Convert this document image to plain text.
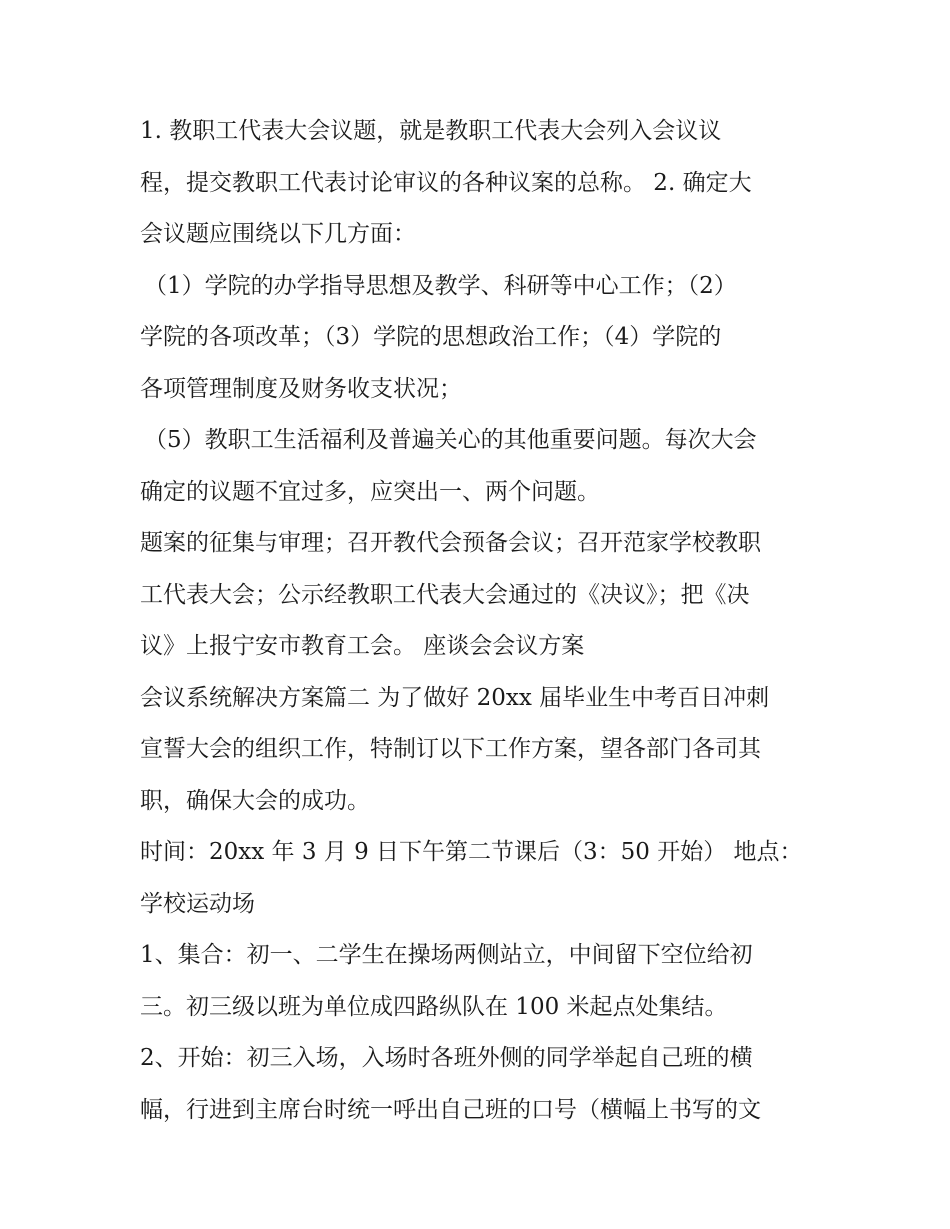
1. 教职工代表大会议题，就是教职工代表大会列入会议议
程，提交教职工代表讨论审议的各种议案的总称。 2. 确定大
会议题应围绕以下几方面：
（1）学院的办学指导思想及教学、科研等中心工作；（2）
学院的各项改革；（3）学院的思想政治工作；（4）学院的
各项管理制度及财务收支状况；
（5）教职工生活福利及普遍关心的其他重要问题。每次大会
确定的议题不宜过多，应突出一、两个问题。
题案的征集与审理；召开教代会预备会议；召开范家学校教职
工代表大会；公示经教职工代表大会通过的《决议》；把《决
议》上报宁安市教育工会。 座谈会会议方案
会议系统解决方案篇二 为了做好 20xx 届毕业生中考百日冲刺
宣誓大会的组织工作，特制订以下工作方案，望各部门各司其
职，确保大会的成功。
时间：20xx 年 3 月 9 日下午第二节课后（3：50 开始） 地点：
学校运动场
1、集合：初一、二学生在操场两侧站立，中间留下空位给初
三。初三级以班为单位成四路纵队在 100 米起点处集结。
2、开始：初三入场，入场时各班外侧的同学举起自己班的横
幅，行进到主席台时统一呼出自己班的口号（横幅上书写的文
